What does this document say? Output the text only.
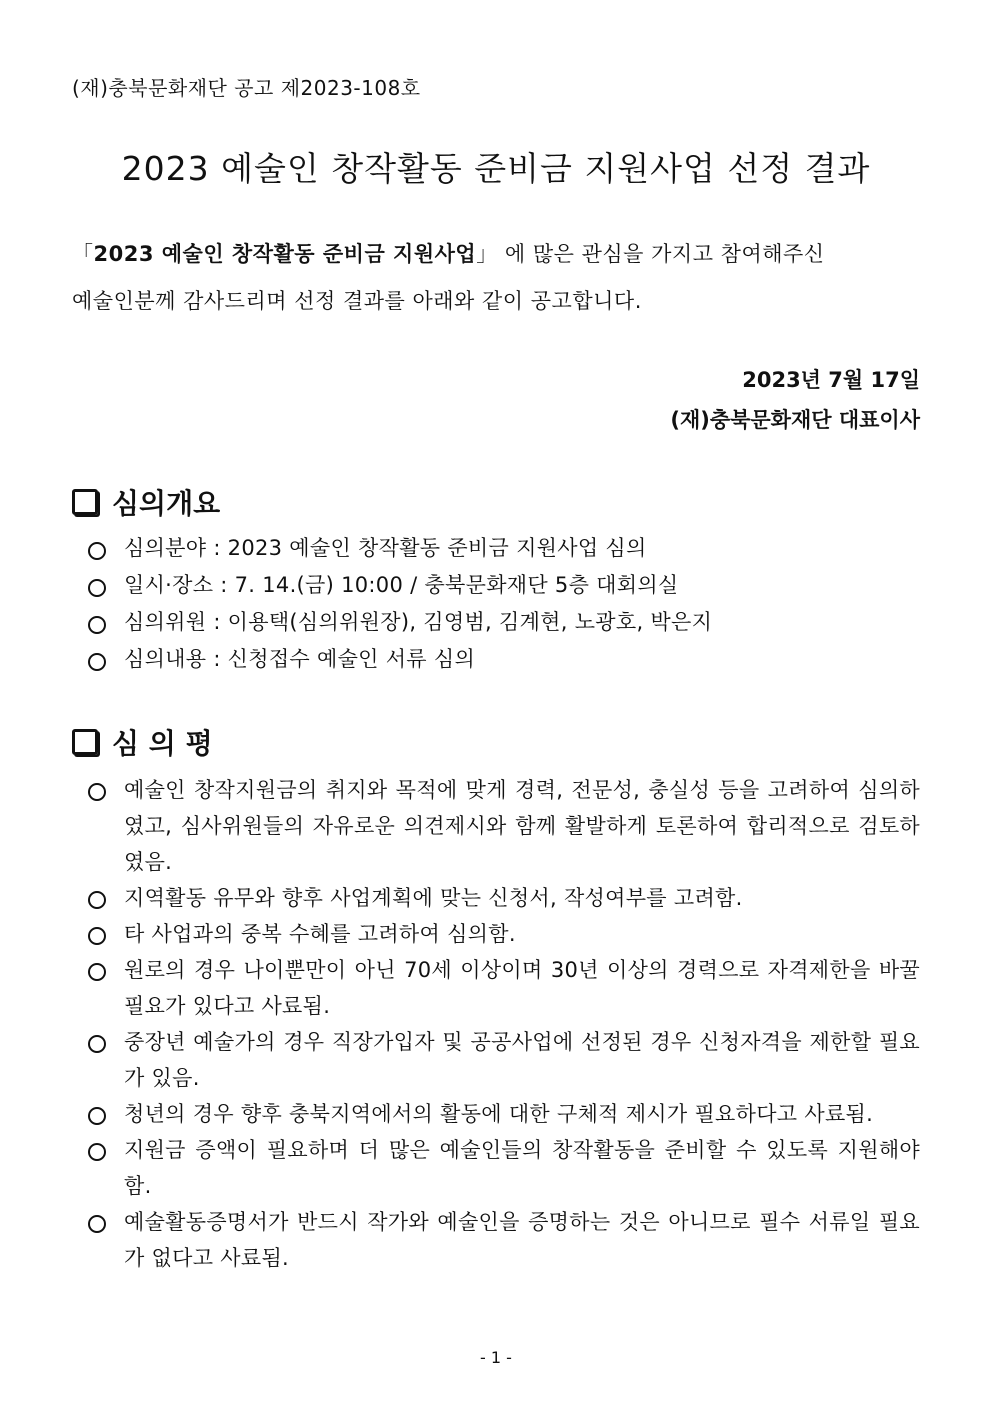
(재)충북문화재단 공고 제2023-108호
2023 예술인 창작활동 준비금 지원사업 선정 결과
「2023 예술인 창작활동 준비금 지원사업」 에 많은 관심을 가지고 참여해주신
예술인분께 감사드리며 선정 결과를 아래와 같이 공고합니다.
2023년 7월 17일
(재)충북문화재단 대표이사
심의개요
심의분야 : 2023 예술인 창작활동 준비금 지원사업 심의
일시·장소 : 7. 14.(금) 10:00 / 충북문화재단 5층 대회의실
심의위원 : 이용택(심의위원장), 김영범, 김계현, 노광호, 박은지
심의내용 : 신청접수 예술인 서류 심의
심 의 평
예술인 창작지원금의 취지와 목적에 맞게 경력, 전문성, 충실성 등을 고려하여 심의하였고, 심사위원들의 자유로운 의견제시와 함께 활발하게 토론하여 합리적으로 검토하였음.
지역활동 유무와 향후 사업계획에 맞는 신청서, 작성여부를 고려함.
타 사업과의 중복 수혜를 고려하여 심의함.
원로의 경우 나이뿐만이 아닌 70세 이상이며 30년 이상의 경력으로 자격제한을 바꿀 필요가 있다고 사료됨.
중장년 예술가의 경우 직장가입자 및 공공사업에 선정된 경우 신청자격을 제한할 필요가 있음.
청년의 경우 향후 충북지역에서의 활동에 대한 구체적 제시가 필요하다고 사료됨.
지원금 증액이 필요하며 더 많은 예술인들의 창작활동을 준비할 수 있도록 지원해야함.
예술활동증명서가 반드시 작가와 예술인을 증명하는 것은 아니므로 필수 서류일 필요가 없다고 사료됨.
- 1 -
